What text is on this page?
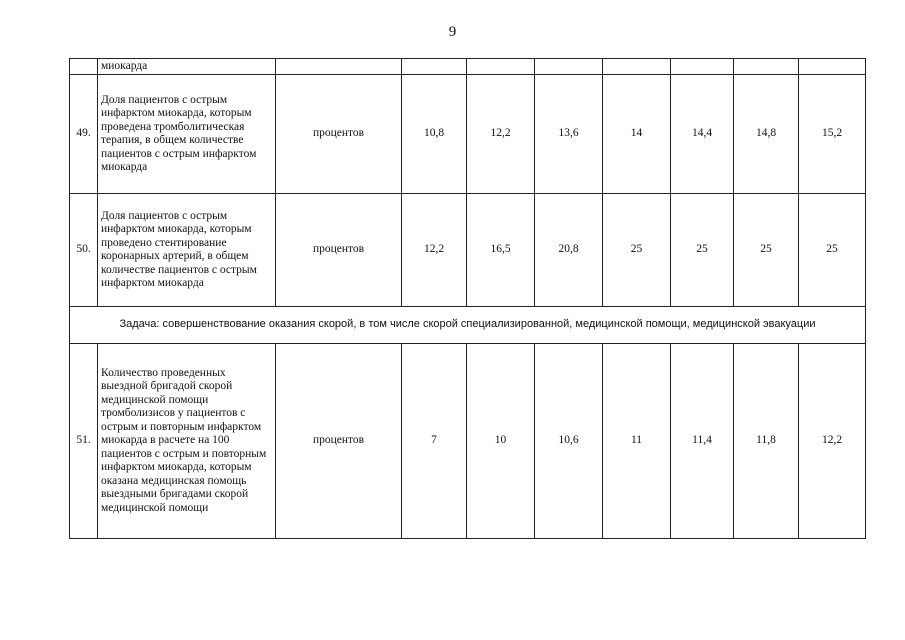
9
	миокарда								
49.	Доля пациентов с острым инфарктом миокарда, которым проведена тромболитическая терапия, в общем количестве пациентов с острым инфарктом миокарда	процентов	10,8	12,2	13,6	14	14,4	14,8	15,2
50.	Доля пациентов с острым инфарктом миокарда, которым проведено стентирование коронарных артерий, в общем количестве пациентов с острым инфарктом миокарда	процентов	12,2	16,5	20,8	25	25	25	25
Задача: совершенствование оказания скорой, в том числе скорой специализированной, медицинской помощи, медицинской эвакуации									
51.	Количество проведенных выездной бригадой скорой медицинской помощи тромболизисов у пациентов с острым и повторным инфарктом миокарда в расчете на 100 пациентов с острым и повторным инфарктом миокарда, которым оказана медицинская помощь выездными бригадами скорой медицинской помощи	процентов	7	10	10,6	11	11,4	11,8	12,2
